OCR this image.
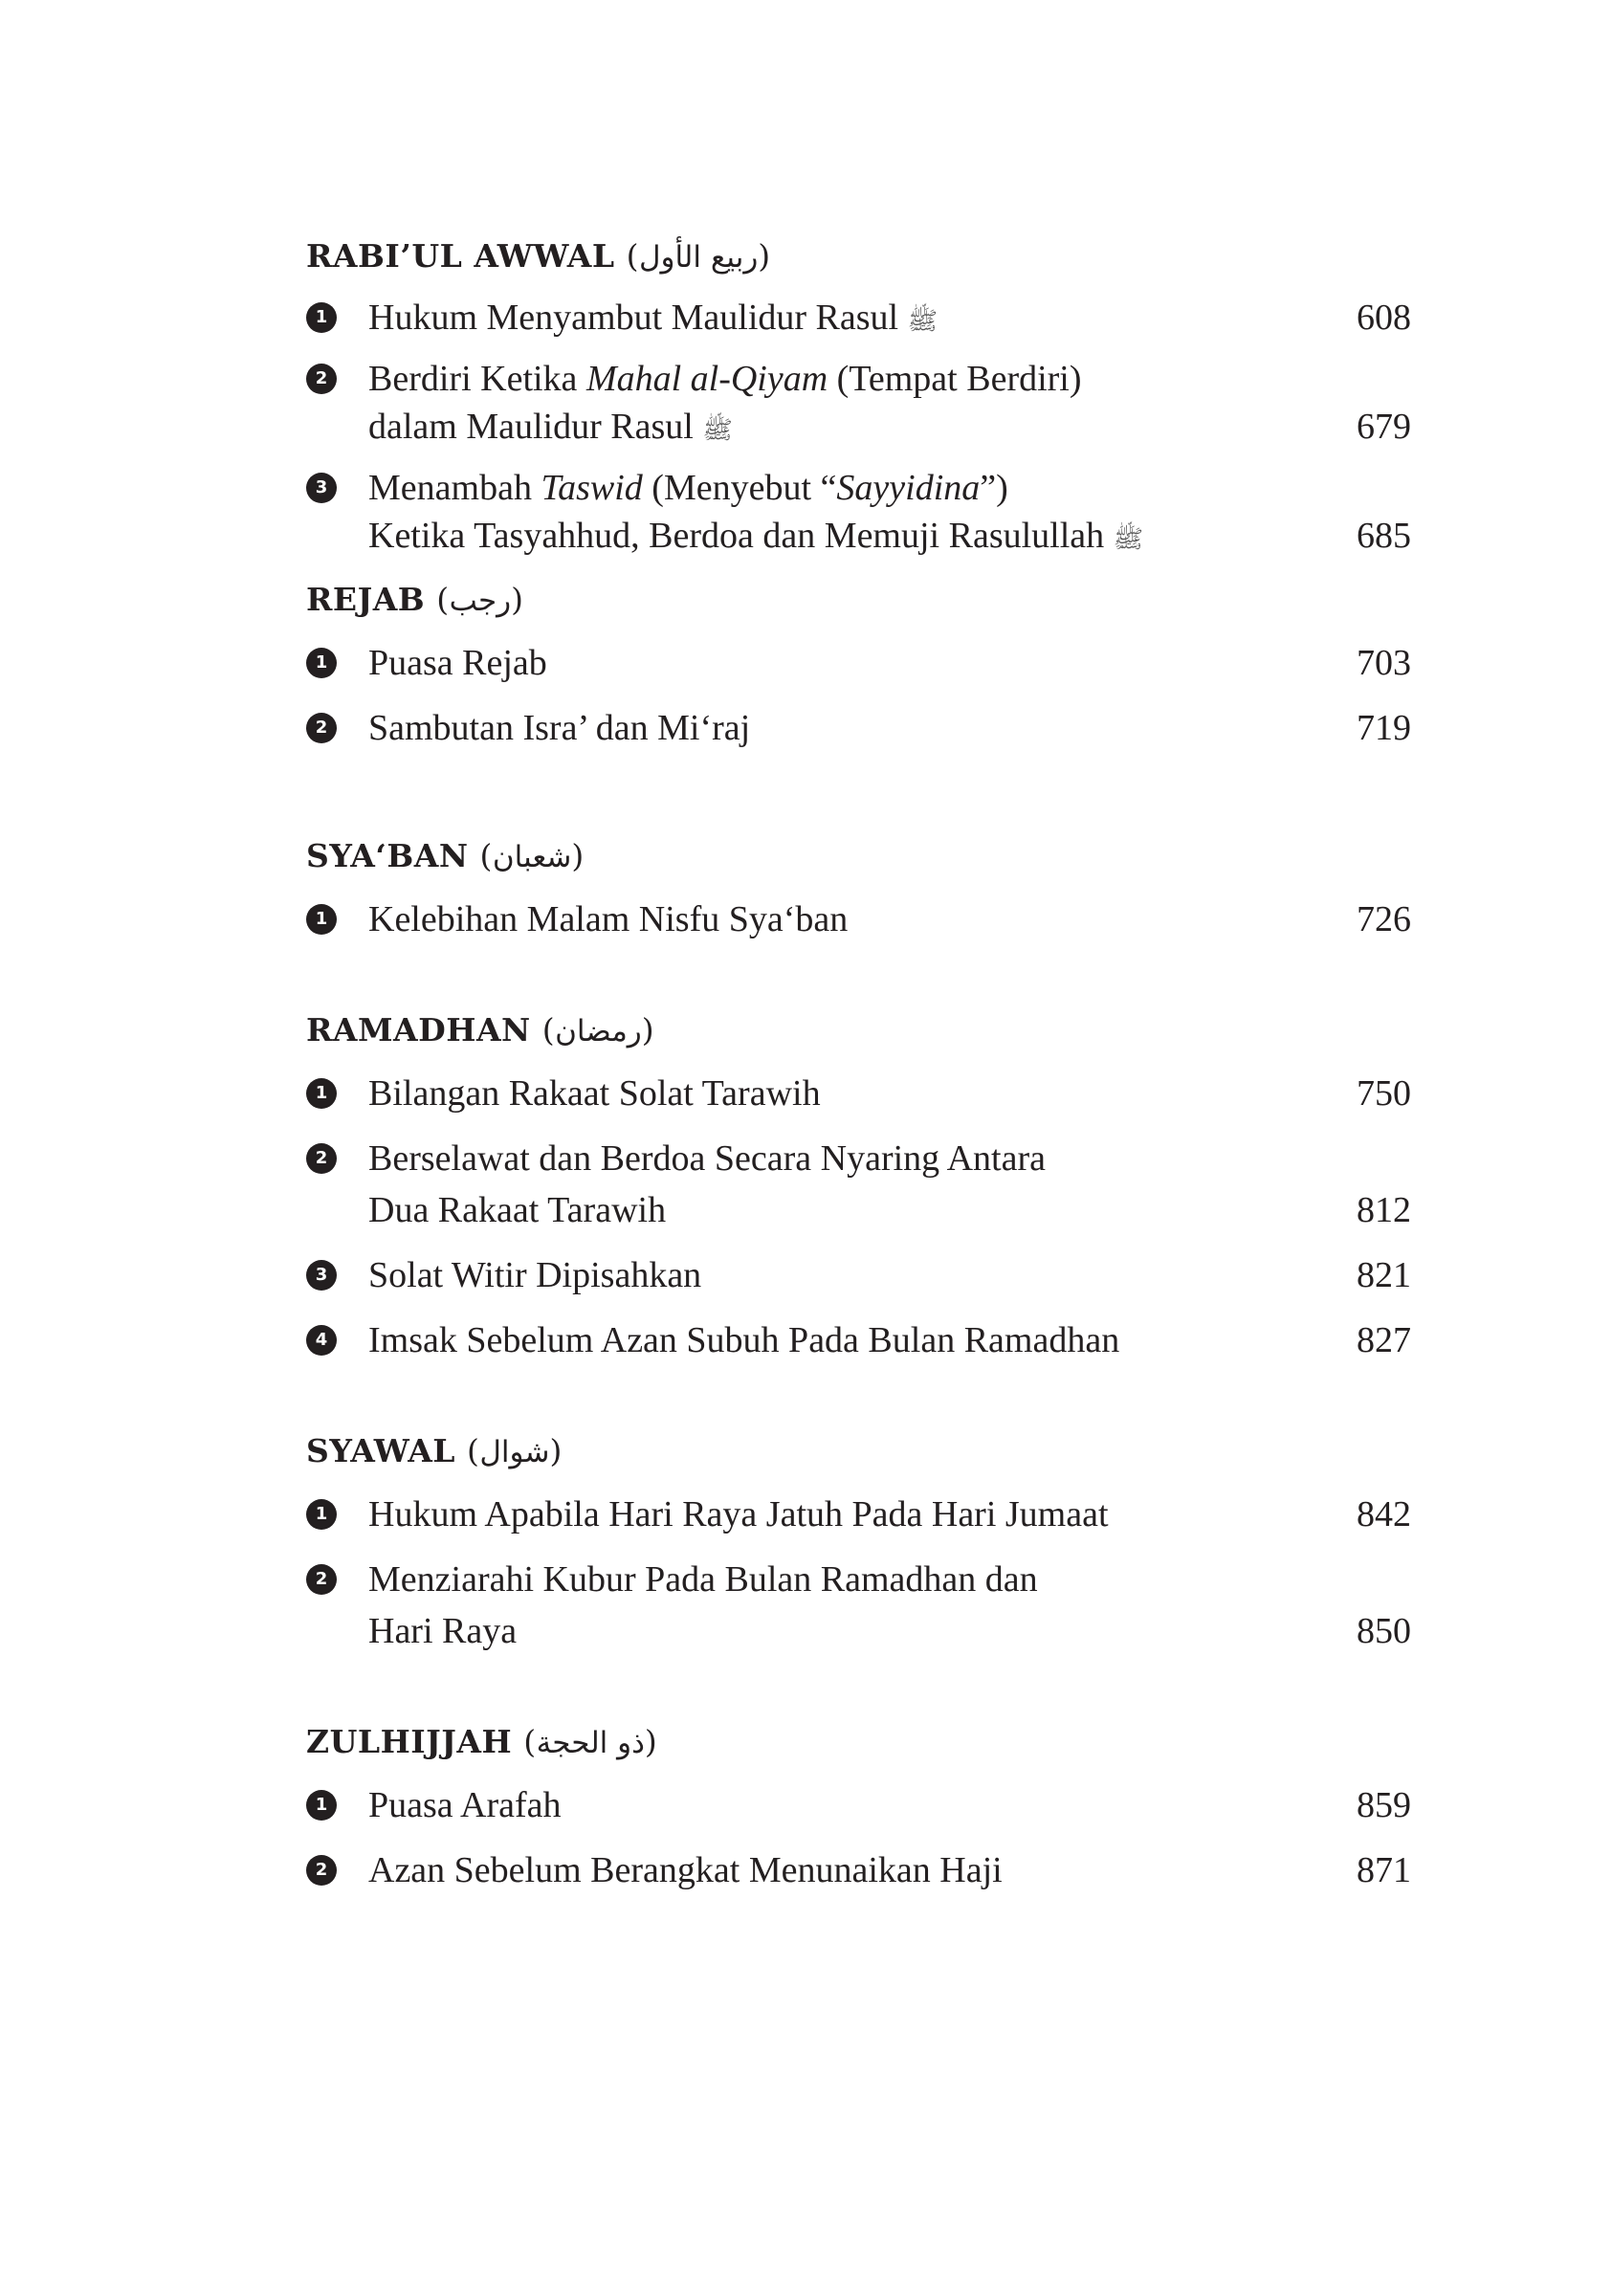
RABI’UL AWWAL (ربيع الأول)
1 Hukum Menyambut Maulidur Rasul ﷺ	608
2 Berdiri Ketika Mahal al-Qiyam (Tempat Berdiri)
dalam Maulidur Rasul ﷺ	679
3 Menambah Taswid (Menyebut “Sayyidina”)
Ketika Tasyahhud, Berdoa dan Memuji Rasulullah ﷺ	685
REJAB (رجب)
1 Puasa Rejab	703
2 Sambutan Isra’ dan Mi‘raj	719
SYA‘BAN (شعبان)
1 Kelebihan Malam Nisfu Sya‘ban	726
RAMADHAN (رمضان)
1 Bilangan Rakaat Solat Tarawih	750
2 Berselawat dan Berdoa Secara Nyaring Antara
Dua Rakaat Tarawih	812
3 Solat Witir Dipisahkan	821
4 Imsak Sebelum Azan Subuh Pada Bulan Ramadhan	827
SYAWAL (شوال)
1 Hukum Apabila Hari Raya Jatuh Pada Hari Jumaat	842
2 Menziarahi Kubur Pada Bulan Ramadhan dan
Hari Raya	850
ZULHIJJAH (ذو الحجة)
1 Puasa Arafah	859
2 Azan Sebelum Berangkat Menunaikan Haji	871
